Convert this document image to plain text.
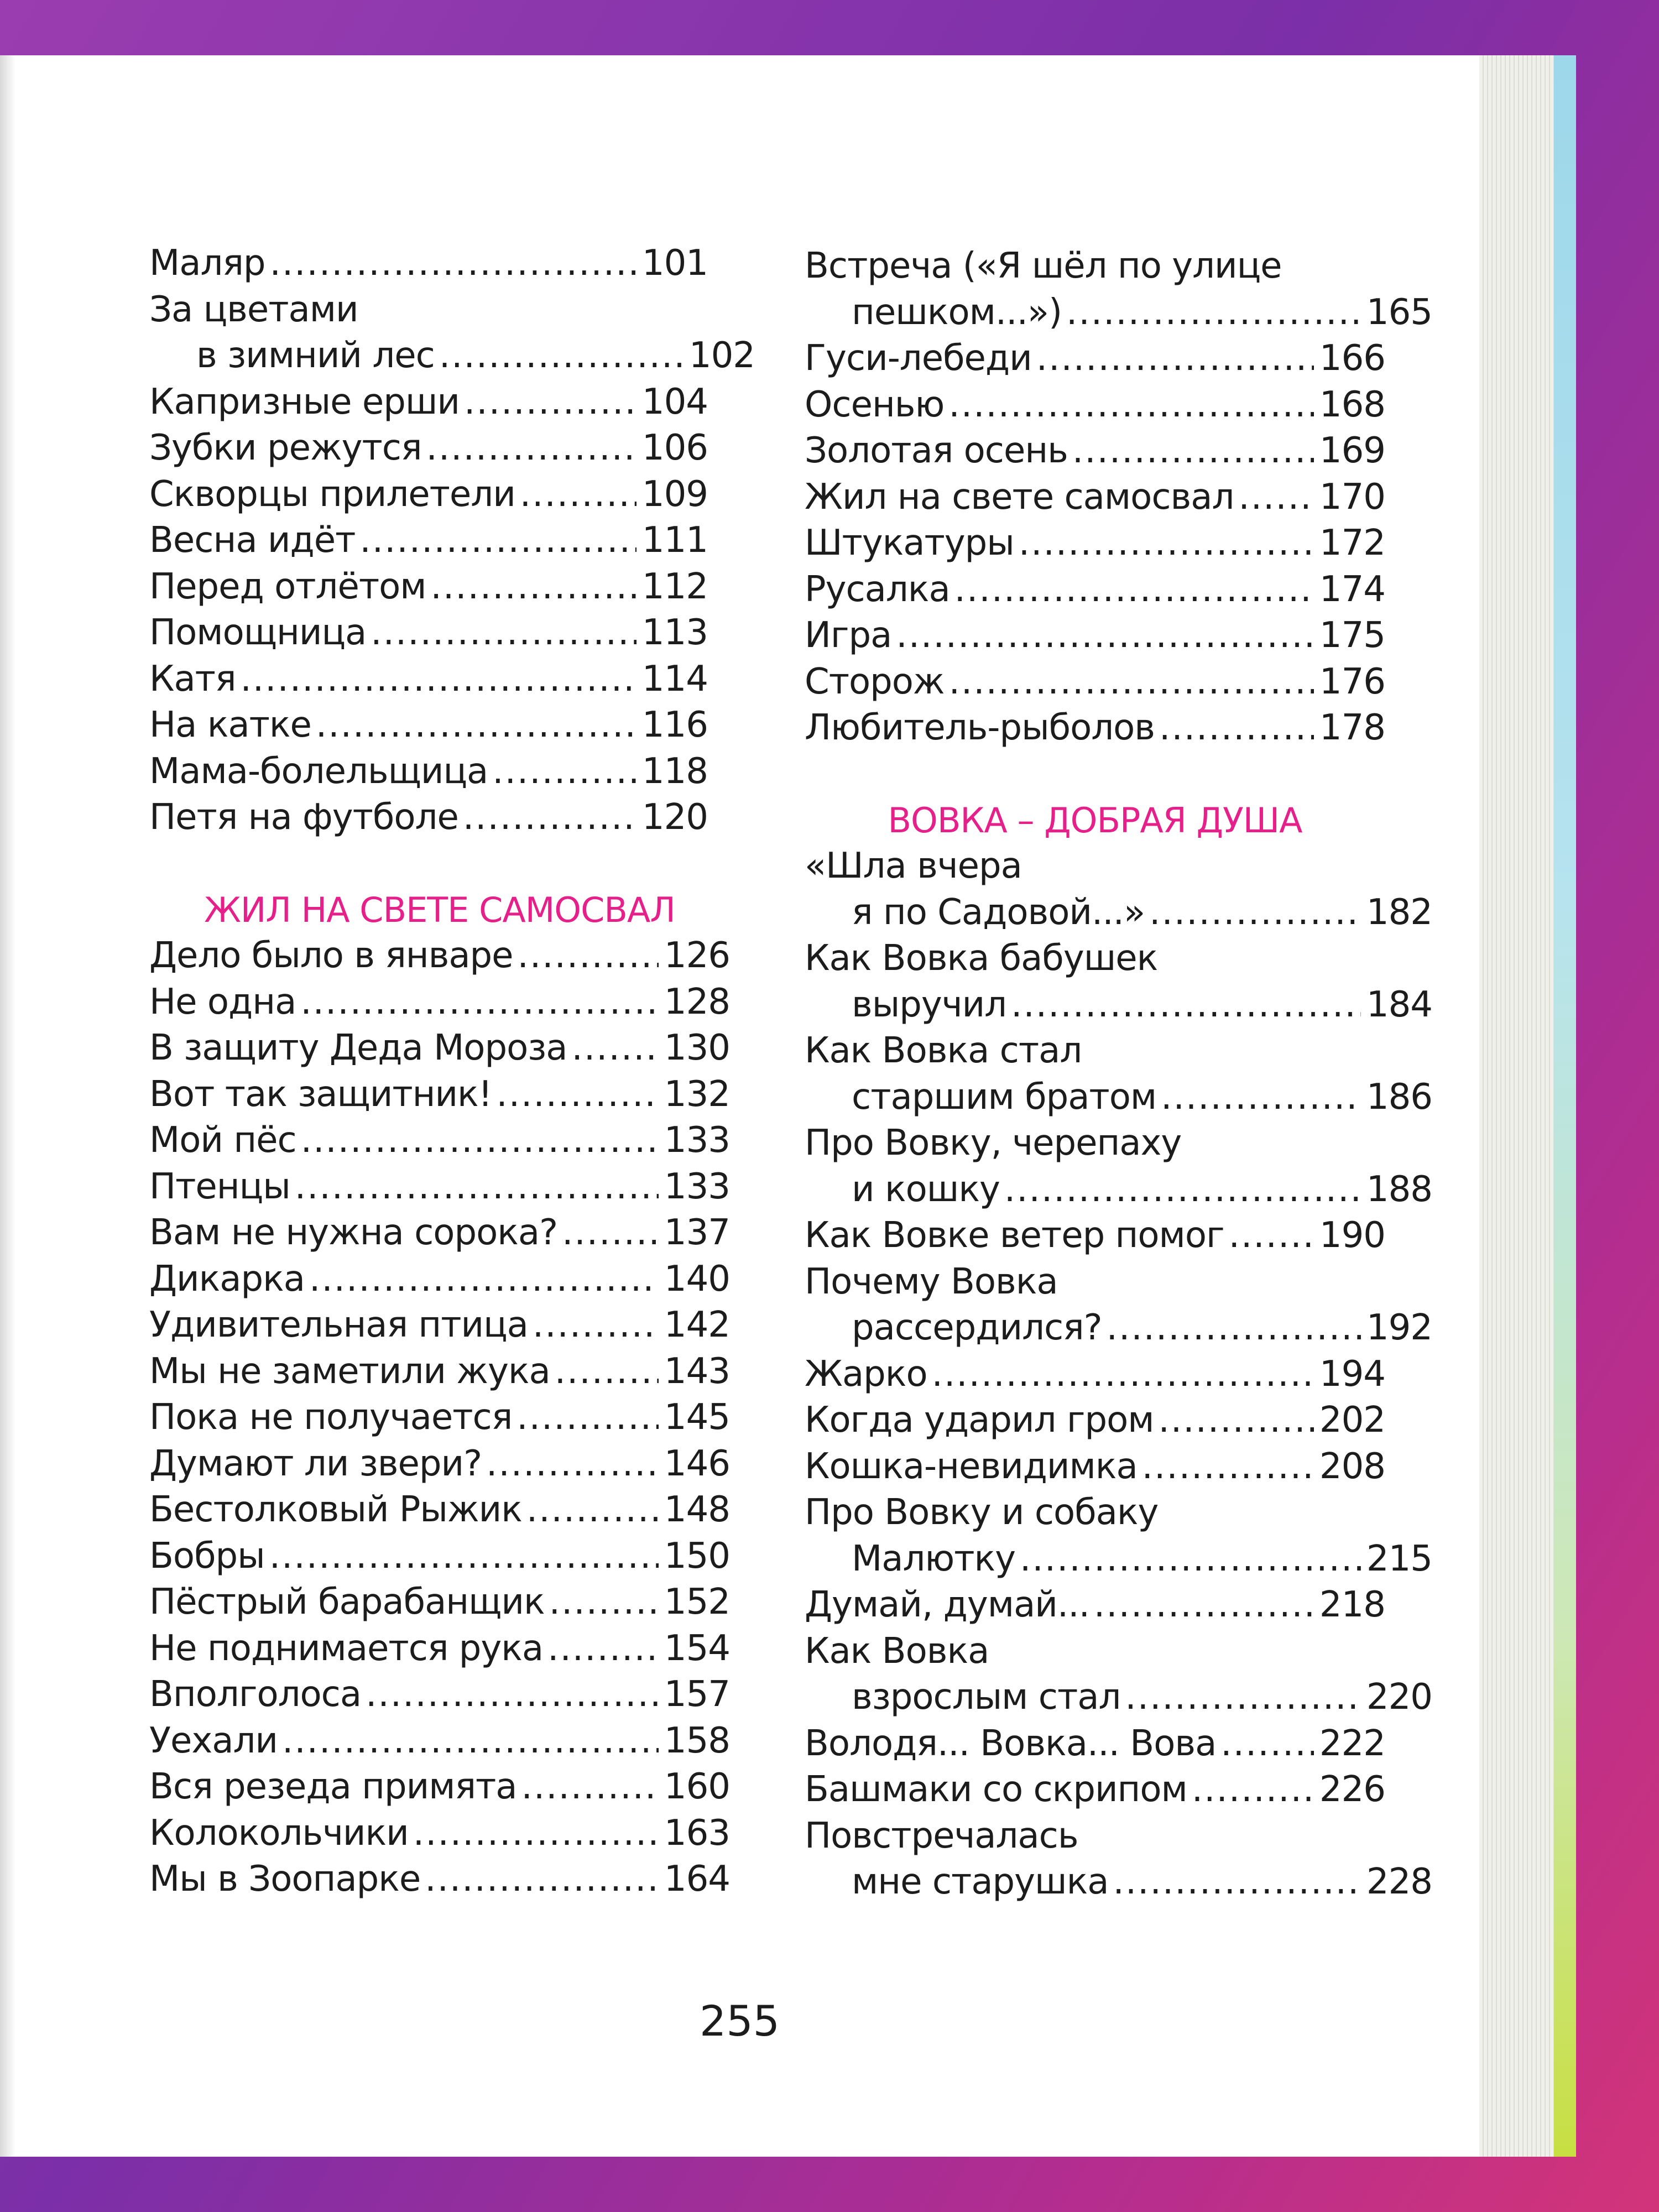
Маляр .....	101
За цветами
в зимний лес .....	102
Капризные ерши .....	104
Зубки режутся .....	106
Скворцы прилетели .....	109
Весна идёт .....	111
Перед отлётом .....	112
Помощница .....	113
Катя .....	114
На катке .....	116
Мама-болельщица .....	118
Петя на футболе .....	120
ЖИЛ НА СВЕТЕ САМОСВАЛ
Дело было в январе .....	126
Не одна .....	128
В защиту Деда Мороза .....	130
Вот так защитник! .....	132
Мой пёс .....	133
Птенцы .....	133
Вам не нужна сорока? .....	137
Дикарка .....	140
Удивительная птица .....	142
Мы не заметили жука .....	143
Пока не получается .....	145
Думают ли звери? .....	146
Бестолковый Рыжик .....	148
Бобры .....	150
Пёстрый барабанщик .....	152
Не поднимается рука .....	154
Вполголоса .....	157
Уехали .....	158
Вся резеда примята .....	160
Колокольчики .....	163
Мы в Зоопарке .....	164
Встреча («Я шёл по улице
пешком...») .....	165
Гуси-лебеди .....	166
Осенью .....	168
Золотая осень .....	169
Жил на свете самосвал ..... 170
Штукатуры .....	172
Русалка .....	174
Игра .....	175
Сторож .....	176
Любитель-рыболов .....	178
ВОВКА – ДОБРАЯ ДУША
«Шла вчера
я по Садовой...» .....	182
Как Вовка бабушек
выручил .....	184
Как Вовка стал
старшим братом .....	186
Про Вовку, черепаху
и кошку .....	188
Как Вовке ветер помог .....	190
Почему Вовка
рассердился? .....	192
Жарко .....	194
Когда ударил гром .....	202
Кошка-невидимка .....	208
Про Вовку и собаку
Малютку .....	215
Думай, думай... .....	218
Как Вовка
взрослым стал .....	220
Володя... Вовка... Вова .....	222
Башмаки со скрипом .....	226
Повстречалась
мне старушка .....	228
255
